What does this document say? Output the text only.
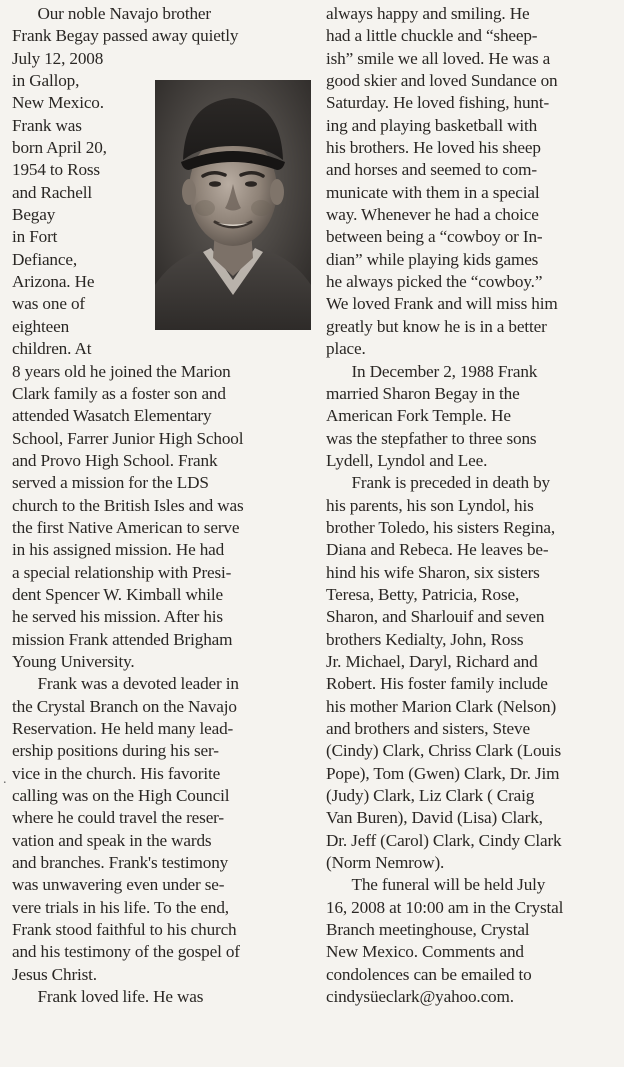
  Our noble Navajo brother
Frank Begay passed away quietly
July 12, 2008
in Gallop,
New Mexico.
Frank was
born April 20,
1954 to Ross
and Rachell
Begay
in Fort
Defiance,
Arizona. He
was one of
eighteen
children. At
8 years old he joined the Marion
Clark family as a foster son and
attended Wasatch Elementary
School, Farrer Junior High School
and Provo High School. Frank
served a mission for the LDS
church to the British Isles and was
the first Native American to serve
in his assigned mission. He had
a special relationship with Presi-
dent Spencer W. Kimball while
he served his mission. After his
mission Frank attended Brigham
Young University.
  Frank was a devoted leader in
the Crystal Branch on the Navajo
Reservation. He held many lead-
ership positions during his ser-
vice in the church. His favorite
calling was on the High Council
where he could travel the reser-
vation and speak in the wards
and branches. Frank's testimony
was unwavering even under se-
vere trials in his life. To the end,
Frank stood faithful to his church
and his testimony of the gospel of
Jesus Christ.
  Frank loved life. He was
always happy and smiling. He
had a little chuckle and “sheep-
ish” smile we all loved. He was a
good skier and loved Sundance on
Saturday. He loved fishing, hunt-
ing and playing basketball with
his brothers. He loved his sheep
and horses and seemed to com-
municate with them in a special
way. Whenever he had a choice
between being a “cowboy or In-
dian” while playing kids games
he always picked the “cowboy.”
We loved Frank and will miss him
greatly but know he is in a better
place.
  In December 2, 1988 Frank
married Sharon Begay in the
American Fork Temple. He
was the stepfather to three sons
Lydell, Lyndol and Lee.
  Frank is preceded in death by
his parents, his son Lyndol, his
brother Toledo, his sisters Regina,
Diana and Rebeca. He leaves be-
hind his wife Sharon, six sisters
Teresa, Betty, Patricia, Rose,
Sharon, and Sharlouif and seven
brothers Kedialty, John, Ross
Jr. Michael, Daryl, Richard and
Robert. His foster family include
his mother Marion Clark (Nelson)
and brothers and sisters, Steve
(Cindy) Clark, Chriss Clark (Louis
Pope), Tom (Gwen) Clark, Dr. Jim
(Judy) Clark, Liz Clark ( Craig
Van Buren), David (Lisa) Clark,
Dr. Jeff (Carol) Clark, Cindy Clark
(Norm Nemrow).
  The funeral will be held July
16, 2008 at 10:00 am in the Crystal
Branch meetinghouse, Crystal
New Mexico. Comments and
condolences can be emailed to
cindysüeclark@yahoo.com.
.
